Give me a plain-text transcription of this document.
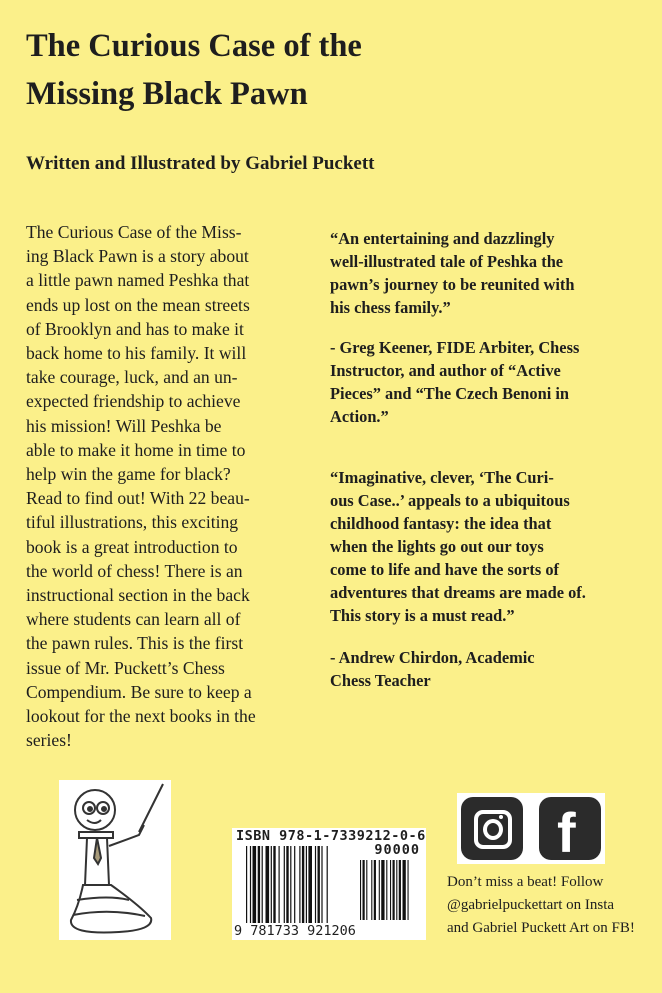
The Curious Case of the
Missing Black Pawn
Written and Illustrated by Gabriel Puckett
The Curious Case of the Miss-
ing Black Pawn is a story about
a little pawn named Peshka that
ends up lost on the mean streets
of Brooklyn and has to make it
back home to his family. It will
take courage, luck, and an un-
expected friendship to achieve
his mission! Will Peshka be
able to make it home in time to
help win the game for black?
Read to find out! With 22 beau-
tiful illustrations, this exciting
book is a great introduction to
the world of chess! There is an
instructional section in the back
where students can learn all of
the pawn rules. This is the first
issue of Mr. Puckett’s Chess
Compendium. Be sure to keep a
lookout for the next books in the
series!
“An entertaining and dazzlingly
well-illustrated tale of Peshka the
pawn’s journey to be reunited with
his chess family.”
- Greg Keener, FIDE Arbiter, Chess
Instructor, and author of “Active
Pieces” and “The Czech Benoni in
Action.”
“Imaginative, clever, ‘The Curi-
ous Case..’ appeals to a ubiquitous
childhood fantasy: the idea that
when the lights go out our toys
come to life and have the sorts of
adventures that dreams are made of.
This story is a must read.”
- Andrew Chirdon, Academic
Chess Teacher
ISBN 978-1-7339212-0-6
90000
9 781733 921206
f
Don’t miss a beat! Follow
@gabrielpuckettart on Insta
and Gabriel Puckett Art on FB!
